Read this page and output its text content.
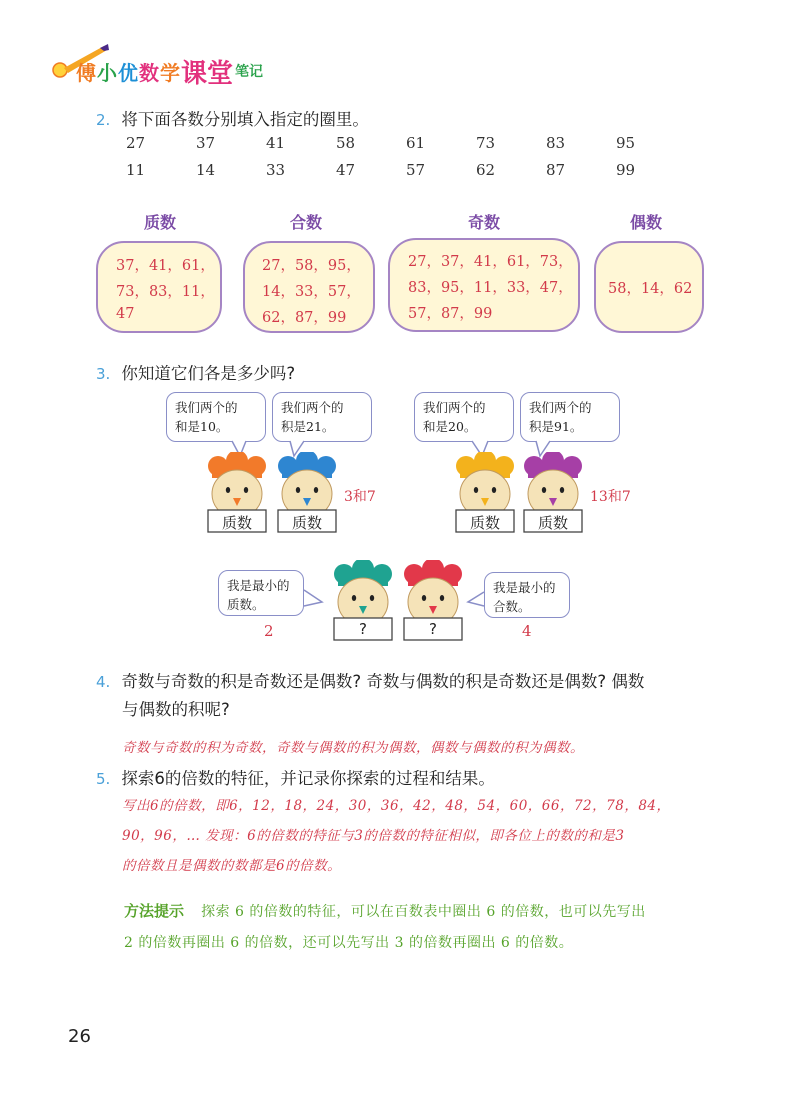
傅 小 优 数 学 课堂 笔记
2. 将下面各数分别填入指定的圈里。
27	37	41	58	61	73	83	95
11	14	33	47	57	62	87	99
质数	合数	奇数	偶数
37，41，61，
73，83，11，
47
27，58，95，
14，33，57，
62，87，99
27，37，41，61，73，
83，95，11，33，47，
57，87，99
58，14，62
3. 你知道它们各是多少吗?
我们两个的
和是10。
我们两个的
积是21。
我们两个的
和是20。
我们两个的
积是91。
质数	质数	质数	质数
3和7	13和7
我是最小的
质数。
我是最小的
合数。
?	?
2	4
4. 奇数与奇数的积是奇数还是偶数? 奇数与偶数的积是奇数还是偶数? 偶数
与偶数的积呢?
奇数与奇数的积为奇数，奇数与偶数的积为偶数，偶数与偶数的积为偶数。
5. 探索6的倍数的特征，并记录你探索的过程和结果。
写出6的倍数，即6，12，18，24，30，36，42，48，54，60，66，72，78，84，
90，96，… 发现：6的倍数的特征与3的倍数的特征相似，即各位上的数的和是3
的倍数且是偶数的数都是6的倍数。
方法提示 探索 6 的倍数的特征，可以在百数表中圈出 6 的倍数，也可以先写出
2 的倍数再圈出 6 的倍数，还可以先写出 3 的倍数再圈出 6 的倍数。
26
